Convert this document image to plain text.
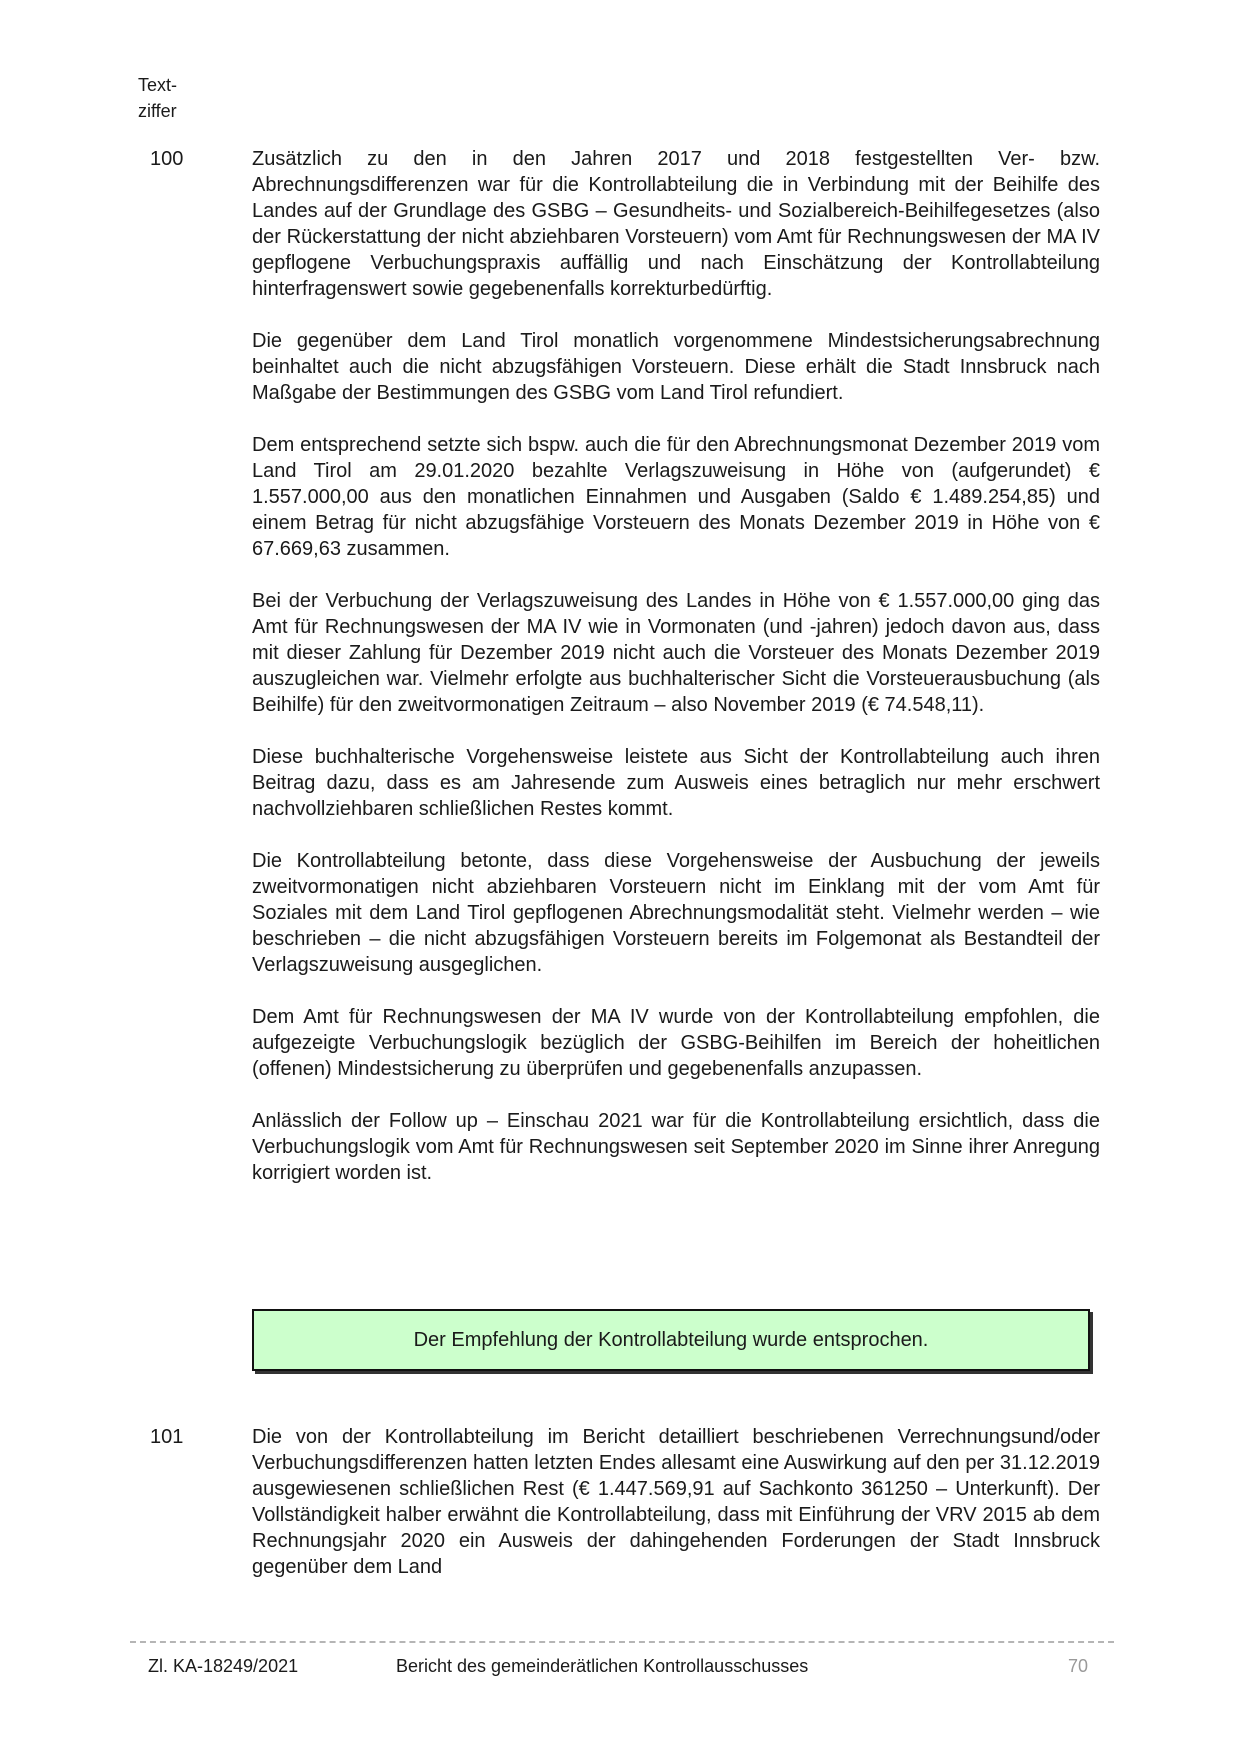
Text-
ziffer
100	Zusätzlich zu den in den Jahren 2017 und 2018 festgestellten Ver- bzw. Abrechnungsdifferenzen war für die Kontrollabteilung die in Verbindung mit der Beihilfe des Landes auf der Grundlage des GSBG – Gesundheits- und Sozialbereich-Beihilfegesetzes (also der Rückerstattung der nicht abziehbaren Vorsteuern) vom Amt für Rechnungswesen der MA IV gepflogene Verbuchungspraxis auffällig und nach Einschätzung der Kontrollabteilung hinterfragenswert sowie gegebenenfalls korrekturbedürftig.

Die gegenüber dem Land Tirol monatlich vorgenommene Mindestsicherungsabrechnung beinhaltet auch die nicht abzugsfähigen Vorsteuern. Diese erhält die Stadt Innsbruck nach Maßgabe der Bestimmungen des GSBG vom Land Tirol refundiert.

Dem entsprechend setzte sich bspw. auch die für den Abrechnungsmonat Dezember 2019 vom Land Tirol am 29.01.2020 bezahlte Verlagszuweisung in Höhe von (aufgerundet) € 1.557.000,00 aus den monatlichen Einnahmen und Ausgaben (Saldo € 1.489.254,85) und einem Betrag für nicht abzugsfähige Vorsteuern des Monats Dezember 2019 in Höhe von € 67.669,63 zusammen.

Bei der Verbuchung der Verlagszuweisung des Landes in Höhe von € 1.557.000,00 ging das Amt für Rechnungswesen der MA IV wie in Vormonaten (und -jahren) jedoch davon aus, dass mit dieser Zahlung für Dezember 2019 nicht auch die Vorsteuer des Monats Dezember 2019 auszugleichen war. Vielmehr erfolgte aus buchhalterischer Sicht die Vorsteuerausbuchung (als Beihilfe) für den zweitvormonatigen Zeitraum – also November 2019 (€ 74.548,11).

Diese buchhalterische Vorgehensweise leistete aus Sicht der Kontrollabteilung auch ihren Beitrag dazu, dass es am Jahresende zum Ausweis eines betraglich nur mehr erschwert nachvollziehbaren schließlichen Restes kommt.

Die Kontrollabteilung betonte, dass diese Vorgehensweise der Ausbuchung der jeweils zweitvormonatigen nicht abziehbaren Vorsteuern nicht im Einklang mit der vom Amt für Soziales mit dem Land Tirol gepflogenen Abrechnungsmodalität steht. Vielmehr werden – wie beschrieben – die nicht abzugsfähigen Vorsteuern bereits im Folgemonat als Bestandteil der Verlagszuweisung ausgeglichen.

Dem Amt für Rechnungswesen der MA IV wurde von der Kontrollabteilung empfohlen, die aufgezeigte Verbuchungslogik bezüglich der GSBG-Beihilfen im Bereich der hoheitlichen (offenen) Mindestsicherung zu überprüfen und gegebenenfalls anzupassen.

Anlässlich der Follow up – Einschau 2021 war für die Kontrollabteilung ersichtlich, dass die Verbuchungslogik vom Amt für Rechnungswesen seit September 2020 im Sinne ihrer Anregung korrigiert worden ist.

Der Empfehlung der Kontrollabteilung wurde entsprochen.
101	Die von der Kontrollabteilung im Bericht detailliert beschriebenen Verrechnungsund/oder Verbuchungsdifferenzen hatten letzten Endes allesamt eine Auswirkung auf den per 31.12.2019 ausgewiesenen schließlichen Rest (€ 1.447.569,91 auf Sachkonto 361250 – Unterkunft). Der Vollständigkeit halber erwähnt die Kontrollabteilung, dass mit Einführung der VRV 2015 ab dem Rechnungsjahr 2020 ein Ausweis der dahingehenden Forderungen der Stadt Innsbruck gegenüber dem Land

Zl. KA-18249/2021	Bericht des gemeinderätlichen Kontrollausschusses	70
